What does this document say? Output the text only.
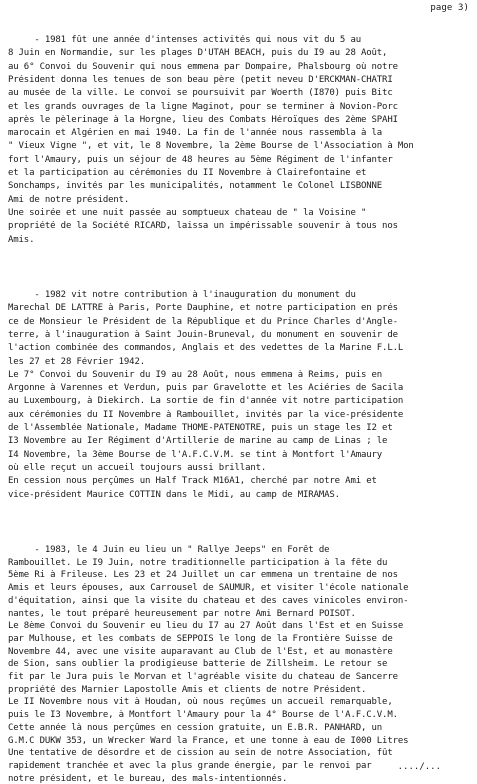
page 3)
- 1981 fût une année d'intenses activités qui nous vit du 5 au
8 Juin en Normandie, sur les plages D'UTAH BEACH, puis du I9 au 28 Août,
au 6° Convoi du Souvenir qui nous emmena par Dompaire, Phalsbourg où notre
Président donna les tenues de son beau père (petit neveu D'ERCKMAN-CHATRI
au musée de la ville. Le convoi se poursuivit par Woerth (I870) puis Bitc
et les grands ouvrages de la ligne Maginot, pour se terminer à Novion-Porc
après le pèlerinage à la Horgne, lieu des Combats Héroïques des 2ème SPAHI
marocain et Algérien en mai 1940. La fin de l'année nous rassembla à la
" Vieux Vigne ", et vit, le 8 Novembre, la 2ème Bourse de l'Association à Mon
fort l'Amaury, puis un séjour de 48 heures au 5ème Régiment de l'infanter
et la participation au cérémonies du II Novembre à Clairefontaine et
Sonchamps, invités par les municipalités, notamment le Colonel LISBONNE
Ami de notre président.
Une soirée et une nuit passée au somptueux chateau de " la Voisine "
propriété de la Société RICARD, laissa un impérissable souvenir à tous nos
Amis.
- 1982 vit notre contribution à l'inauguration du monument du
Marechal DE LATTRE à Paris, Porte Dauphine, et notre participation en prés
ce de Monsieur le Président de la République et du Prince Charles d'Angle-
terre, à l'inauguration à Saint Jouin-Bruneval, du monument en souvenir de
l'action combinée des commandos, Anglais et des vedettes de la Marine F.L.L
les 27 et 28 Février 1942.
Le 7° Convoi du Souvenir du I9 au 28 Août, nous emmena à Reims, puis en
Argonne à Varennes et Verdun, puis par Gravelotte et les Aciéries de Sacila
au Luxembourg, à Diekirch. La sortie de fin d'année vit notre participation
aux cérémonies du II Novembre à Rambouillet, invités par la vice-présidente
de l'Assemblée Nationale, Madame THOME-PATENOTRE, puis un stage les I2 et
I3 Novembre au Ier Régiment d'Artillerie de marine au camp de Linas ; le
I4 Novembre, la 3ème Bourse de l'A.F.C.V.M. se tint à Montfort l'Amaury
où elle reçut un accueil toujours aussi brillant.
En cession nous perçûmes un Half Track M16A1, cherché par notre Ami et
vice-président Maurice COTTIN dans le Midi, au camp de MIRAMAS.
- 1983, le 4 Juin eu lieu un " Rallye Jeeps" en Forêt de
Rambouillet. Le I9 Juin, notre traditionnelle participation à la fête du
5ème Ri à Frileuse. Les 23 et 24 Juillet un car emmena un trentaine de nos
Amis et leurs épouses, aux Carrousel de SAUMUR, et visiter l'école nationale
d'équitation, ainsi que la visite du chateau et des caves vinicoles environ-
nantes, le tout préparé heureusement par notre Ami Bernard POISOT.
Le 8ème Convoi du Souvenir eu lieu du I7 au 27 Août dans l'Est et en Suisse
par Mulhouse, et les combats de SEPPOIS le long de la Frontière Suisse de
Novembre 44, avec une visite auparavant au Club de l'Est, et au monastère
de Sion, sans oublier la prodigieuse batterie de Zillsheim. Le retour se
fit par le Jura puis le Morvan et l'agréable visite du chateau de Sancerre
propriété des Marnier Lapostolle Amis et clients de notre Président.
Le II Novembre nous vit à Houdan, où nous reçûmes un accueil remarquable,
puis le I3 Novembre, à Montfort l'Amaury pour la 4° Bourse de l'A.F.C.V.M.
Cette année là nous perçûmes en cession gratuite, un E.B.R. PANHARD, un
G.M.C DUKW 353, un Wrecker Ward la France, et une tonne à eau de I000 Litres
Une tentative de désordre et de cission au sein de notre Association, fût
rapidement tranchée et avec la plus grande énergie, par le renvoi par
notre président, et le bureau, des mals-intentionnés.
..../...
